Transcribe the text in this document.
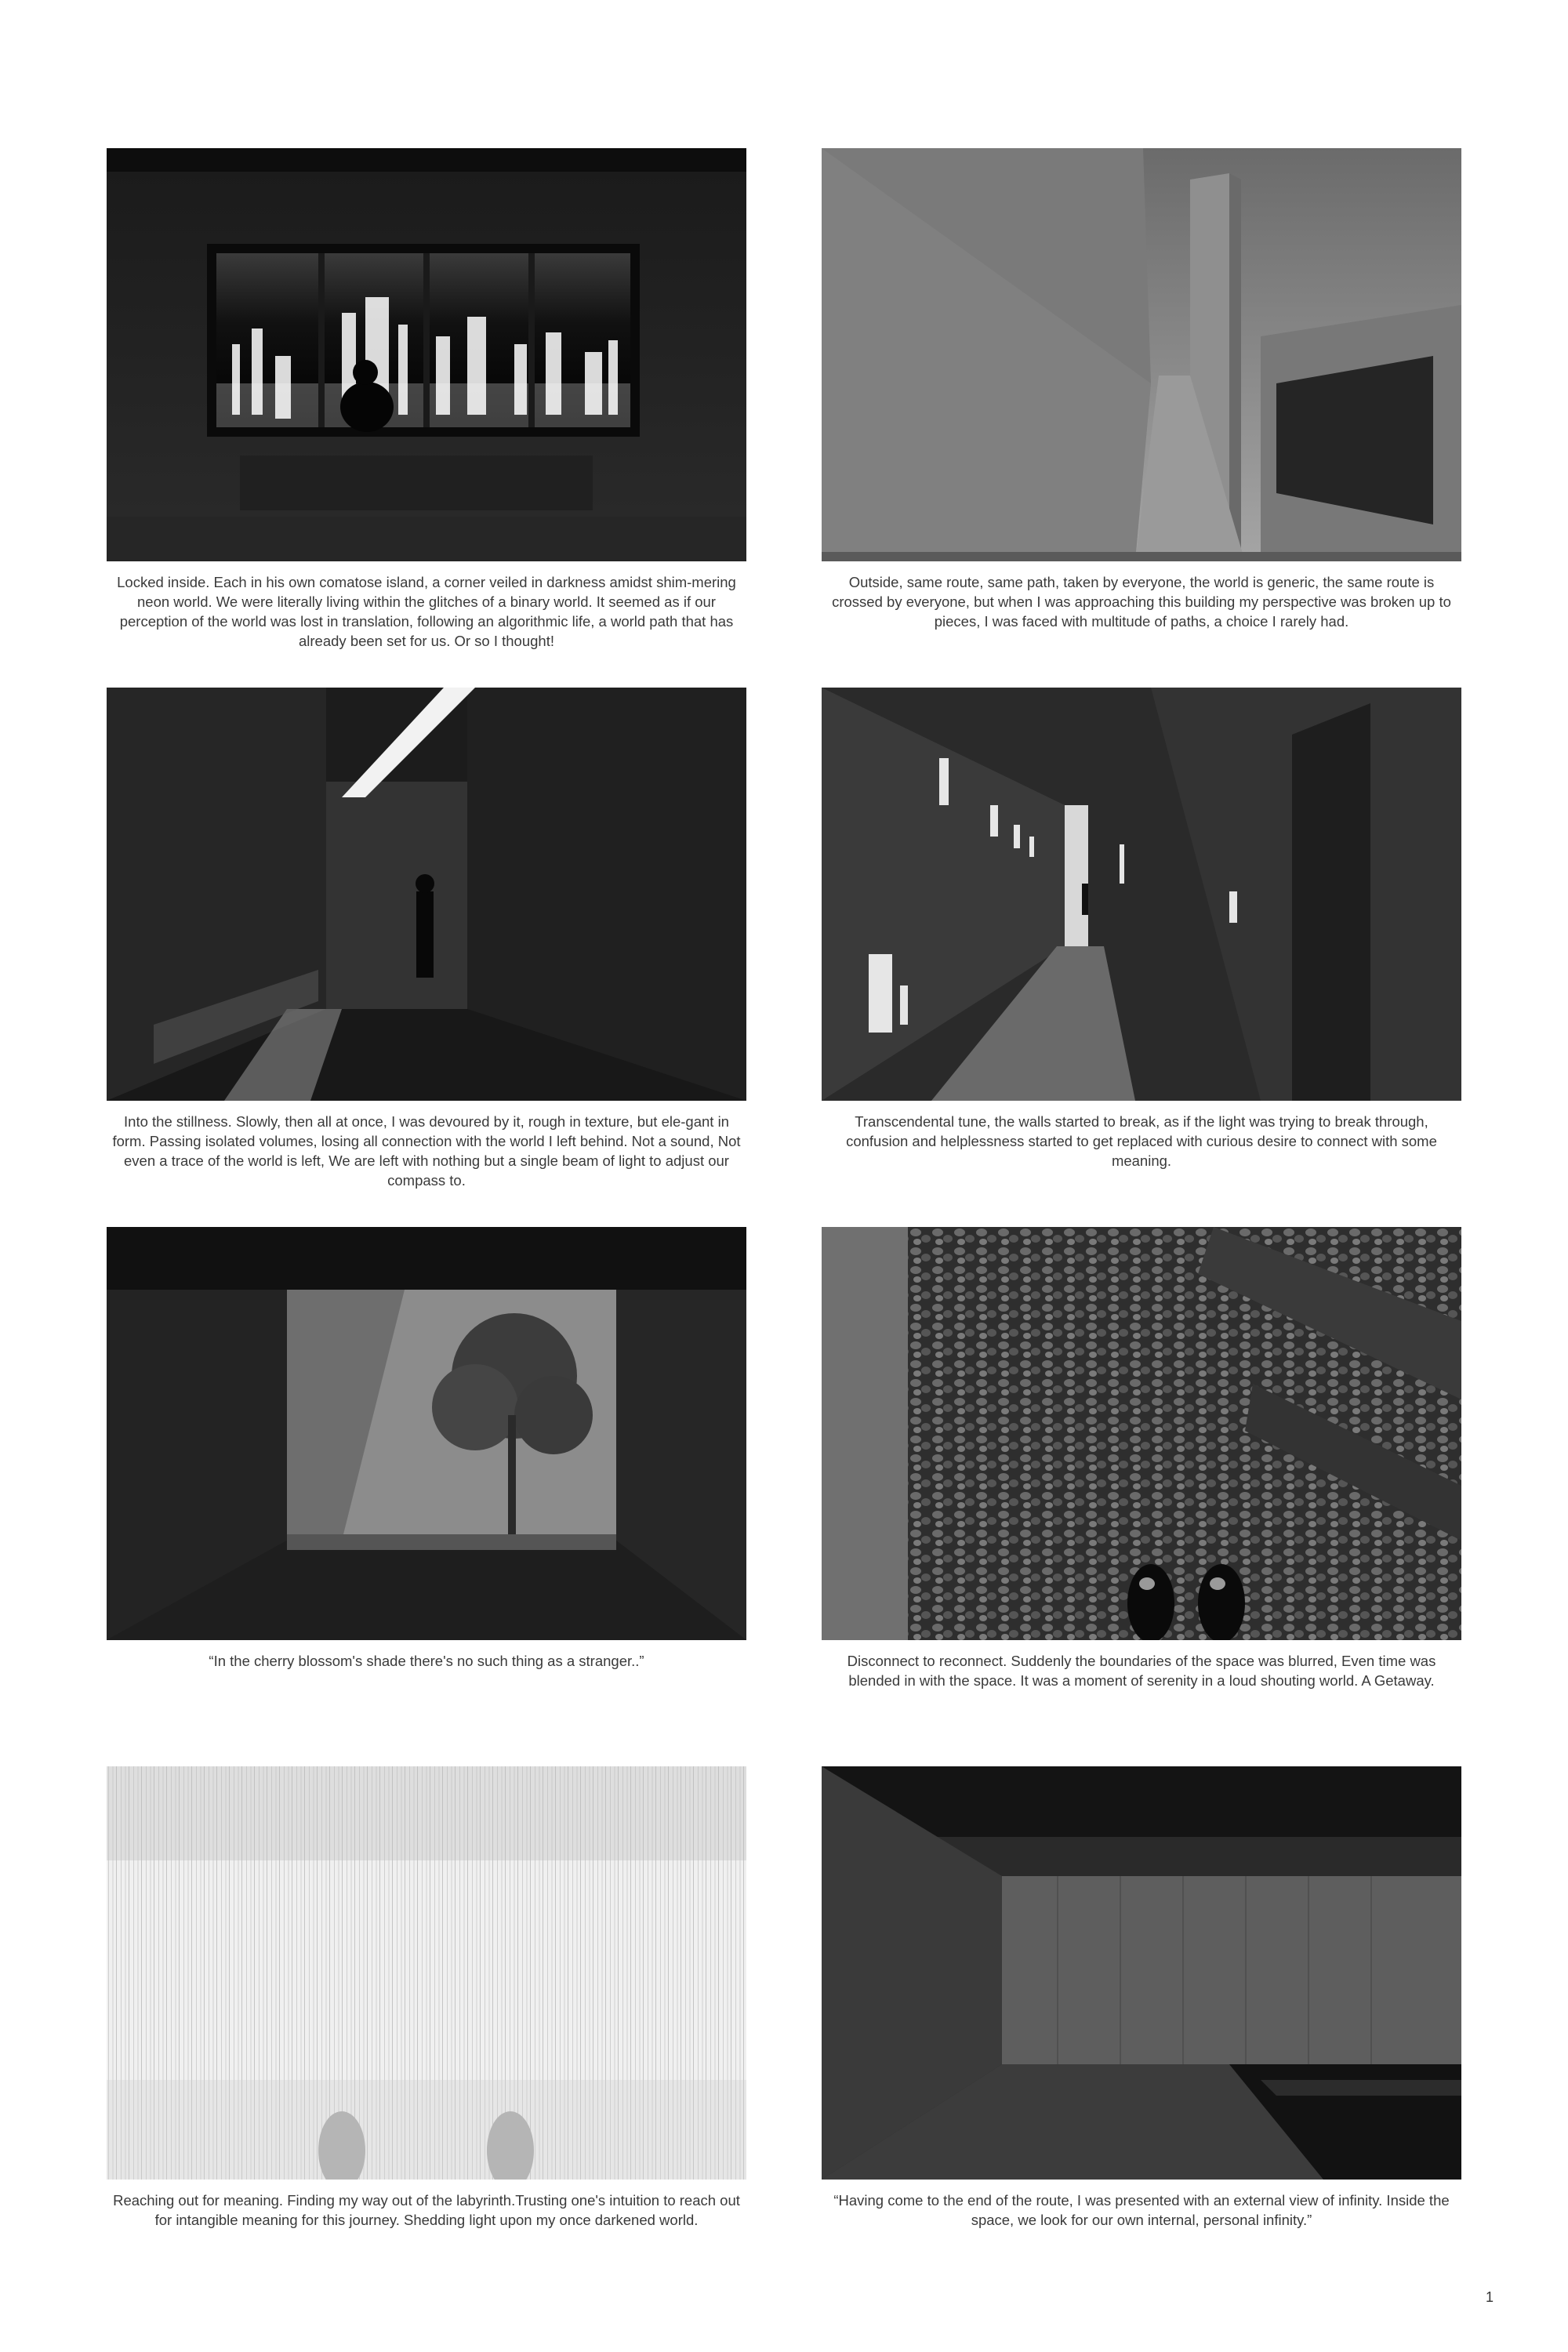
Locked inside. Each in his own comatose island, a corner veiled in darkness amidst shim-mering neon world. We were literally living within the glitches of a binary world. It seemed as if our perception of the world was lost in translation, following an algorithmic life, a world path that has already been set for us. Or so I thought!
Outside, same route, same path, taken by everyone, the world is generic, the same route is crossed by everyone, but when I was approaching this building my perspective was broken up to pieces, I was faced with multitude of paths, a choice I rarely had.
Into the stillness. Slowly, then all at once, I was devoured by it, rough in texture, but ele-gant in form. Passing isolated volumes, losing all connection with the world I left behind. Not a sound, Not even a trace of the world is left, We are left with nothing but a single beam of light to adjust our compass to.
Transcendental tune, the walls started to break, as if the light was trying to break through, confusion and helplessness started to get replaced with curious desire to connect with some meaning.
“In the cherry blossom's shade there's no such thing as a stranger..”	Disconnect to reconnect. Suddenly the boundaries of the space was blurred, Even time was blended in with the space. It was a moment of serenity in a loud shouting world. A Getaway.
Reaching out for meaning. Finding my way out of the labyrinth.Trusting one's intuition to reach out for intangible meaning for this journey. Shedding light upon my once darkened world.
“Having come to the end of the route, I was presented with an external view of infinity. Inside the space, we look for our own internal, personal infinity.”
1
